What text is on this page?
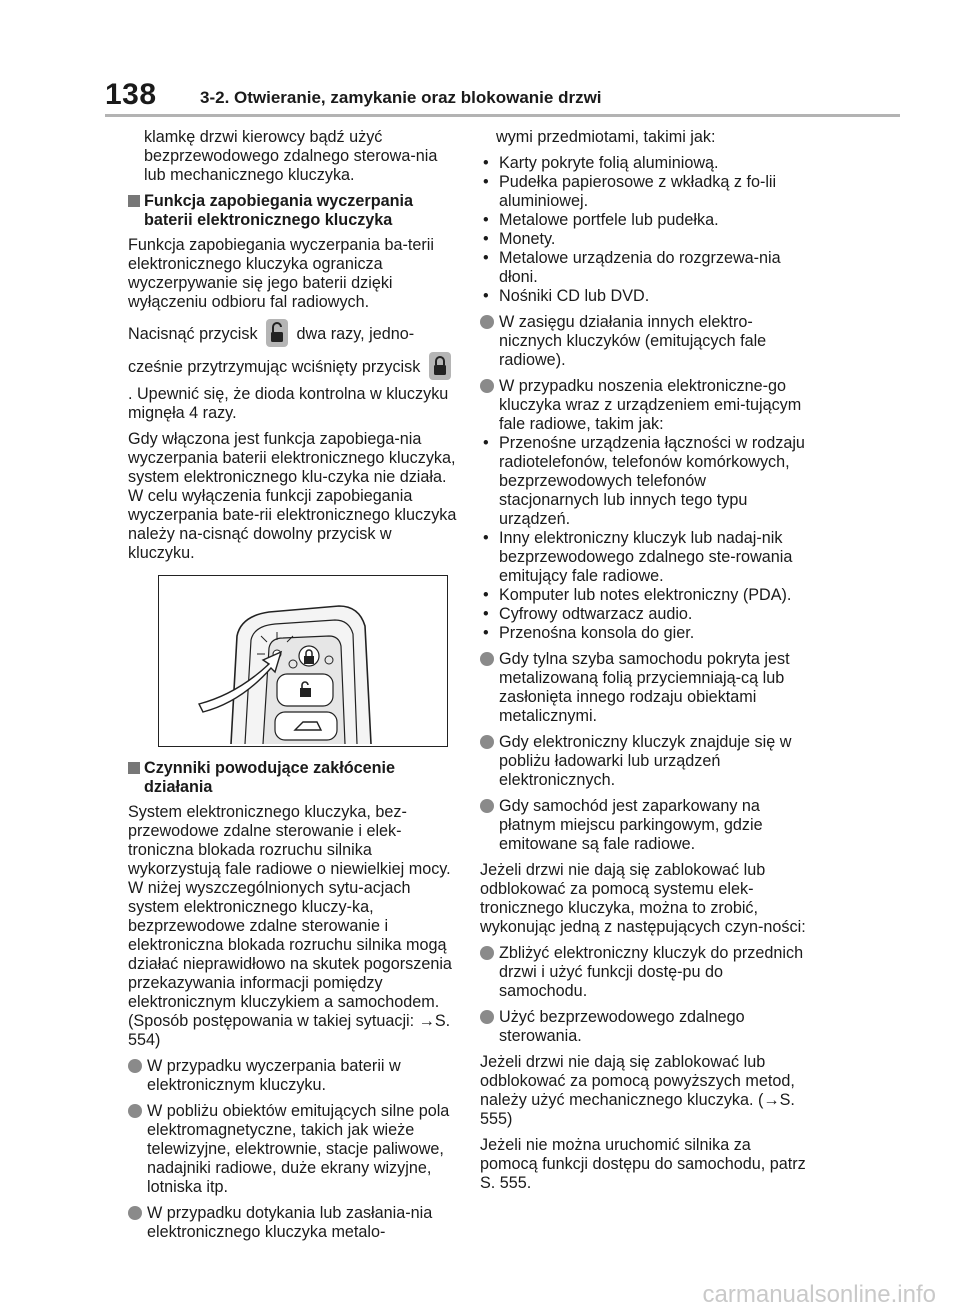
138	3-2. Otwieranie, zamykanie oraz blokowanie drzwi

klamkę drzwi kierowcy bądź użyć bezprzewodowego zdalnego sterowa-nia lub mechanicznego kluczyka.

Funkcja zapobiegania wyczerpania baterii elektronicznego kluczyka

Funkcja zapobiegania wyczerpania ba-terii elektronicznego kluczyka ogranicza wyczerpywanie się jego baterii dzięki wyłączeniu odbioru fal radiowych.

Nacisnąć przycisk dwa razy, jedno-cześnie przytrzymując wciśnięty przycisk  . Upewnić się, że dioda kontrolna w kluczyku mignęła 4 razy.

Gdy włączona jest funkcja zapobiega-nia wyczerpania baterii elektronicznego kluczyka, system elektronicznego klu-czyka nie działa. W celu wyłączenia funkcji zapobiegania wyczerpania bate-rii elektronicznego kluczyka należy na-cisnąć dowolny przycisk w kluczyku.

Czynniki powodujące zakłócenie działania

System elektronicznego kluczyka, bez-przewodowe zdalne sterowanie i elek-troniczna blokada rozruchu silnika wykorzystują fale radiowe o niewielkiej mocy. W niżej wyszczególnionych sytu-acjach system elektronicznego kluczy-ka, bezprzewodowe zdalne sterowanie i elektroniczna blokada rozruchu silnika mogą działać nieprawidłowo na skutek pogorszenia przekazywania informacji pomiędzy elektronicznym kluczykiem a samochodem. (Sposób postępowania w takiej sytuacji: →S. 554)

W przypadku wyczerpania baterii w elektronicznym kluczyku.
W pobliżu obiektów emitujących silne pola elektromagnetyczne, takich jak wieże telewizyjne, elektrownie, stacje paliwowe, nadajniki radiowe, duże ekrany wizyjne, lotniska itp.
W przypadku dotykania lub zasłania-nia elektronicznego kluczyka metalo-

wymi przedmiotami, takimi jak:

• Karty pokryte folią aluminiową.
• Pudełka papierosowe z wkładką z fo-lii aluminiowej.
• Metalowe portfele lub pudełka.
• Monety.
• Metalowe urządzenia do rozgrzewa-nia dłoni.
• Nośniki CD lub DVD.
W zasięgu działania innych elektro-nicznych kluczyków (emitujących fale radiowe).
W przypadku noszenia elektroniczne-go kluczyka wraz z urządzeniem emi-tującym fale radiowe, takim jak:
• Przenośne urządzenia łączności w rodzaju radiotelefonów, telefonów komórkowych, bezprzewodowych telefonów stacjonarnych lub innych tego typu urządzeń.
• Inny elektroniczny kluczyk lub nadaj-nik bezprzewodowego zdalnego ste-rowania emitujący fale radiowe.
• Komputer lub notes elektroniczny (PDA).
• Cyfrowy odtwarzacz audio.
• Przenośna konsola do gier.
Gdy tylna szyba samochodu pokryta jest metalizowaną folią przyciemniają-cą lub zasłonięta innego rodzaju obiektami metalicznymi.
Gdy elektroniczny kluczyk znajduje się w pobliżu ładowarki lub urządzeń elektronicznych.
Gdy samochód jest zaparkowany na płatnym miejscu parkingowym, gdzie emitowane są fale radiowe.

Jeżeli drzwi nie dają się zablokować lub odblokować za pomocą systemu elek-tronicznego kluczyka, można to zrobić, wykonując jedną z następujących czyn-ności:

Zbliżyć elektroniczny kluczyk do przednich drzwi i użyć funkcji dostę-pu do samochodu.
Użyć bezprzewodowego zdalnego sterowania.

Jeżeli drzwi nie dają się zablokować lub odblokować za pomocą powyższych metod, należy użyć mechanicznego kluczyka. (→S. 555)

Jeżeli nie można uruchomić silnika za pomocą funkcji dostępu do samochodu, patrz S. 555.

carmanualsonline.info
